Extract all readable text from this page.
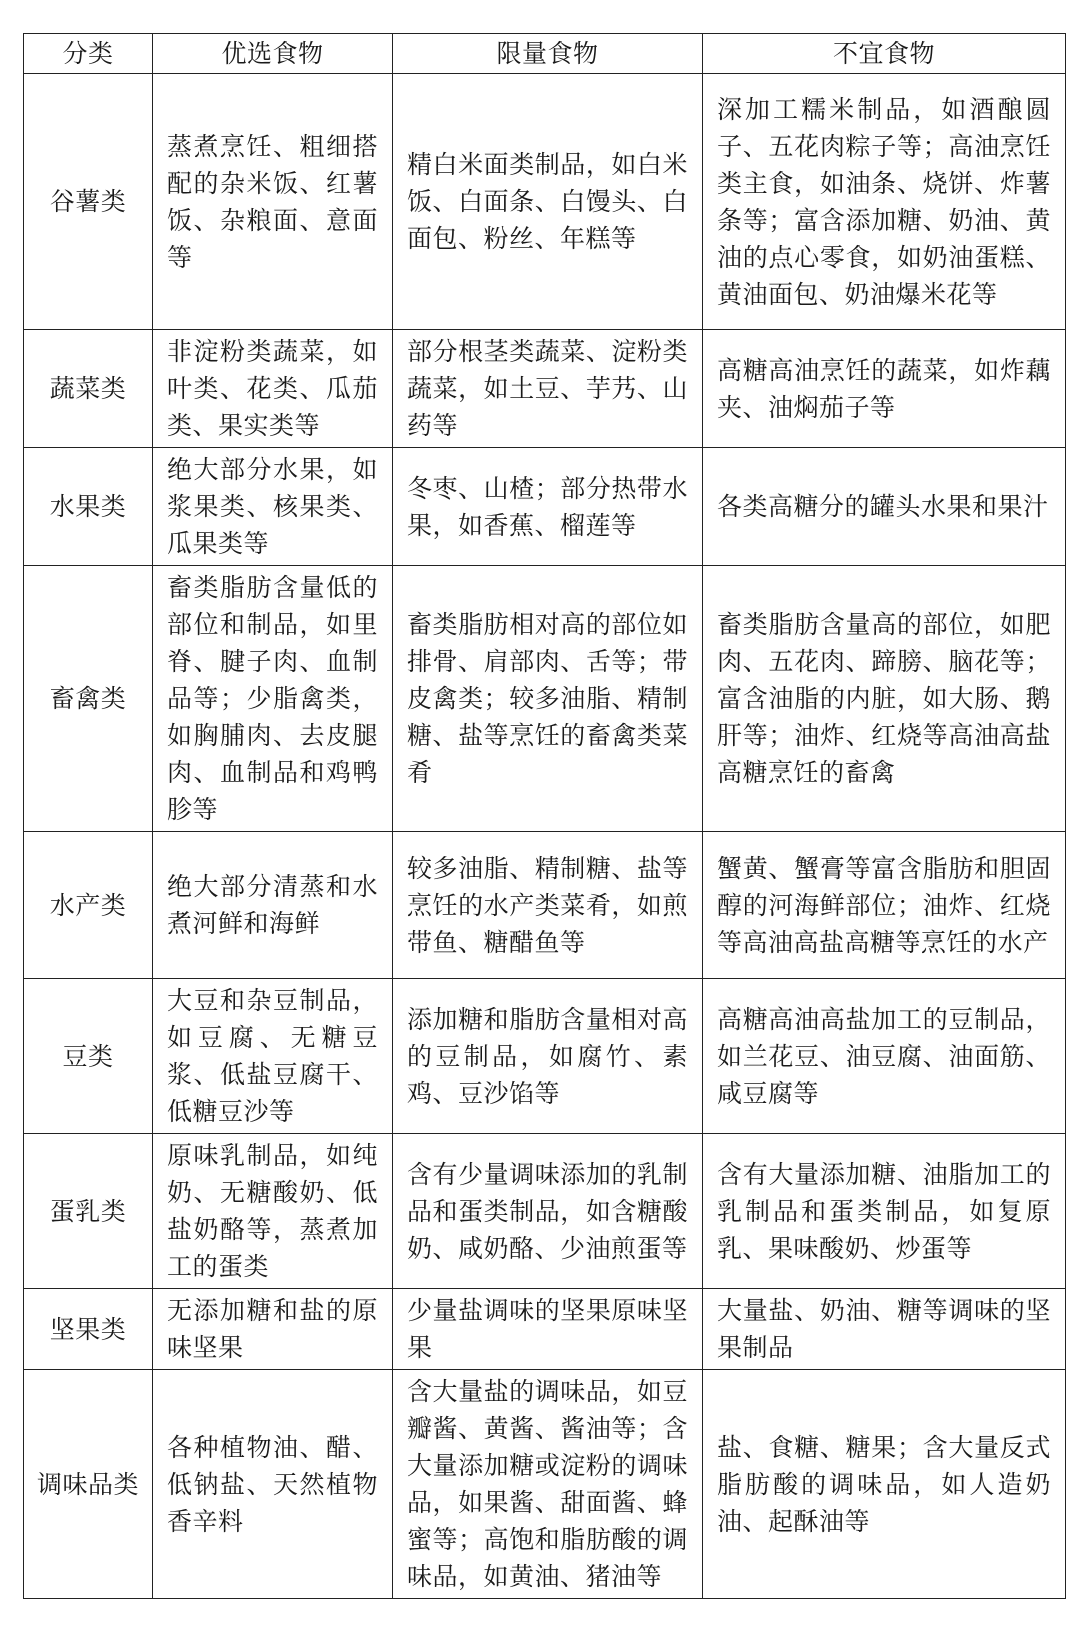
分类	优选食物	限量食物	不宜食物
谷薯类	蒸煮烹饪、粗细搭配的杂米饭、红薯饭、杂粮面、意面等	精白米面类制品，如白米饭、白面条、白馒头、白面包、粉丝、年糕等	深加工糯米制品，如酒酿圆子、五花肉粽子等；高油烹饪类主食，如油条、烧饼、炸薯条等；富含添加糖、奶油、黄油的点心零食，如奶油蛋糕、黄油面包、奶油爆米花等
蔬菜类	非淀粉类蔬菜，如叶类、花类、瓜茄类、果实类等	部分根茎类蔬菜、淀粉类蔬菜，如土豆、芋艿、山药等	高糖高油烹饪的蔬菜，如炸藕夹、油焖茄子等
水果类	绝大部分水果，如浆果类、核果类、瓜果类等	冬枣、山楂；部分热带水果，如香蕉、榴莲等	各类高糖分的罐头水果和果汁
畜禽类	畜类脂肪含量低的部位和制品，如里脊、腱子肉、血制品等；少脂禽类，如胸脯肉、去皮腿肉、血制品和鸡鸭胗等	畜类脂肪相对高的部位如排骨、肩部肉、舌等；带皮禽类；较多油脂、精制糖、盐等烹饪的畜禽类菜肴	畜类脂肪含量高的部位，如肥肉、五花肉、蹄膀、脑花等；富含油脂的内脏，如大肠、鹅肝等；油炸、红烧等高油高盐高糖烹饪的畜禽
水产类	绝大部分清蒸和水煮河鲜和海鲜	较多油脂、精制糖、盐等烹饪的水产类菜肴，如煎带鱼、糖醋鱼等	蟹黄、蟹膏等富含脂肪和胆固醇的河海鲜部位；油炸、红烧等高油高盐高糖等烹饪的水产
豆类	大豆和杂豆制品，如豆腐、无糖豆浆、低盐豆腐干、低糖豆沙等	添加糖和脂肪含量相对高的豆制品，如腐竹、素鸡、豆沙馅等	高糖高油高盐加工的豆制品，如兰花豆、油豆腐、油面筋、咸豆腐等
蛋乳类	原味乳制品，如纯奶、无糖酸奶、低盐奶酪等，蒸煮加工的蛋类	含有少量调味添加的乳制品和蛋类制品，如含糖酸奶、咸奶酪、少油煎蛋等	含有大量添加糖、油脂加工的乳制品和蛋类制品，如复原乳、果味酸奶、炒蛋等
坚果类	无添加糖和盐的原味坚果	少量盐调味的坚果原味坚果	大量盐、奶油、糖等调味的坚果制品
调味品类	各种植物油、醋、低钠盐、天然植物香辛料	含大量盐的调味品，如豆瓣酱、黄酱、酱油等；含大量添加糖或淀粉的调味品，如果酱、甜面酱、蜂蜜等；高饱和脂肪酸的调味品，如黄油、猪油等	盐、食糖、糖果；含大量反式脂肪酸的调味品，如人造奶油、起酥油等
